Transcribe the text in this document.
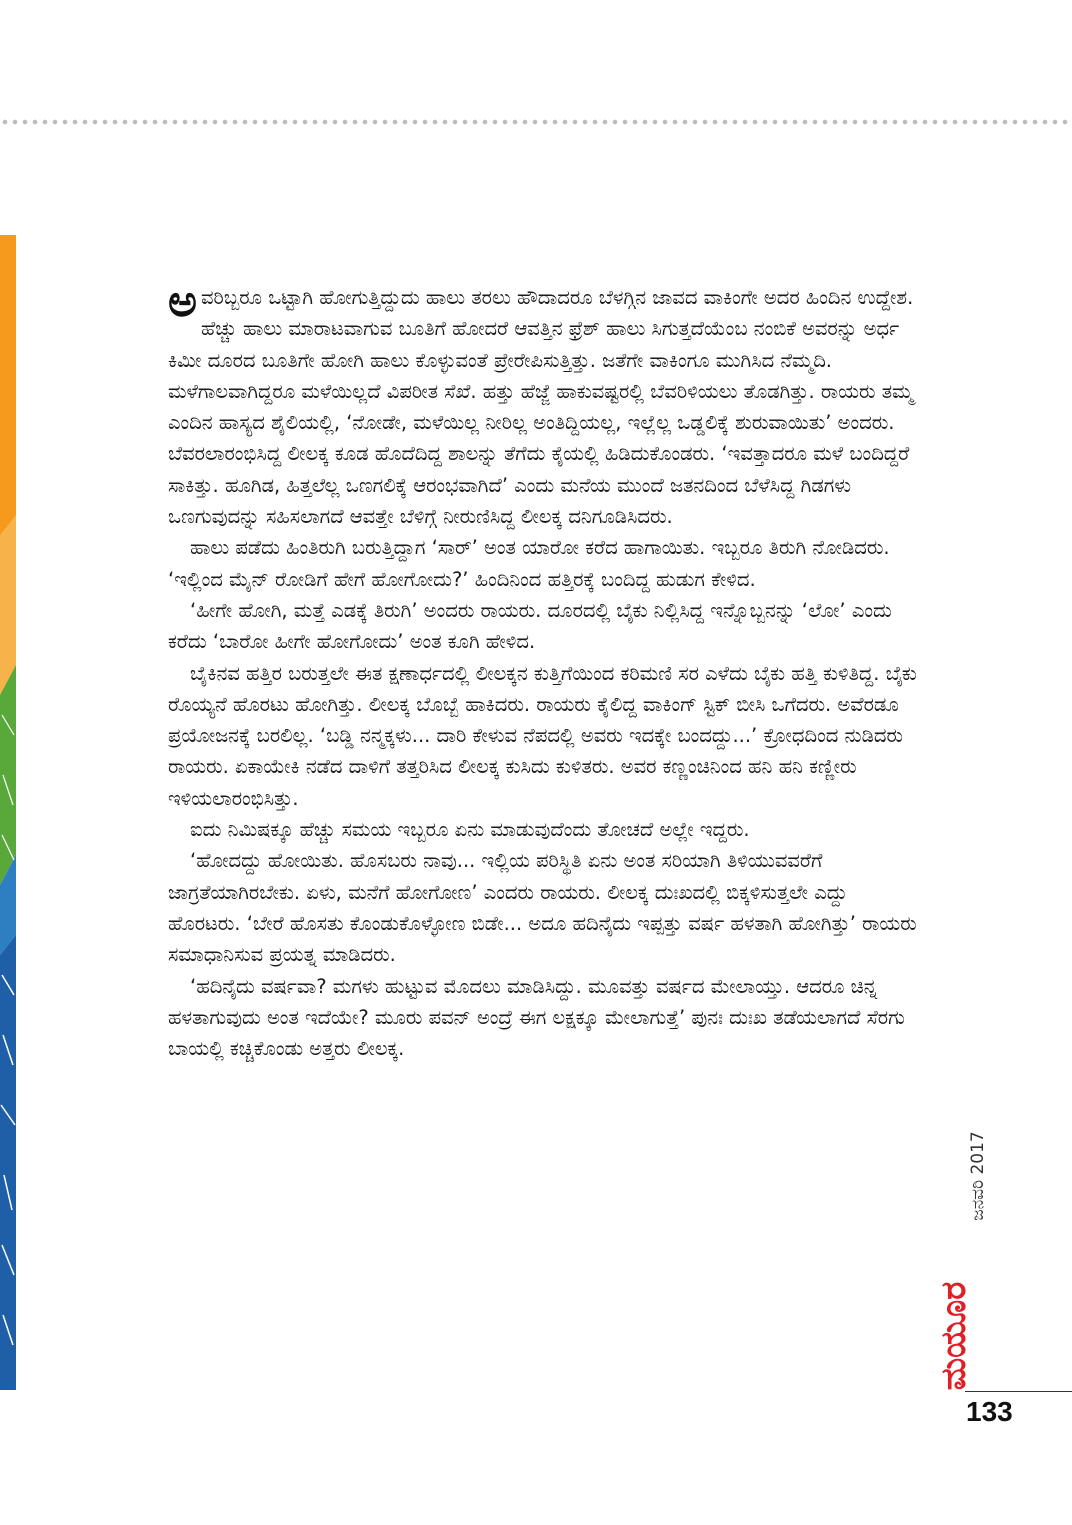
ಅವರಿಬ್ಬರೂ ಒಟ್ಟಾಗಿ ಹೋಗುತ್ತಿದ್ದುದು ಹಾಲು ತರಲು ಹೌದಾದರೂ ಬೆಳಗ್ಗಿನ ಜಾವದ ವಾಕಿಂಗೇ ಅದರ ಹಿಂದಿನ ಉದ್ದೇಶ. ಹೆಚ್ಚು ಹಾಲು ಮಾರಾಟವಾಗುವ ಬೂತಿಗೆ ಹೋದರೆ ಆವತ್ತಿನ ಫ್ರೆಶ್ ಹಾಲು ಸಿಗುತ್ತದೆಯೆಂಬ ನಂಬಿಕೆ ಅವರನ್ನು ಅರ್ಧ ಕಿಮೀ ದೂರದ ಬೂತಿಗೇ ಹೋಗಿ ಹಾಲು ಕೊಳ್ಳುವಂತೆ ಪ್ರೇರೇಪಿಸುತ್ತಿತ್ತು. ಜತೆಗೇ ವಾಕಿಂಗೂ ಮುಗಿಸಿದ ನೆಮ್ಮದಿ. ಮಳೆಗಾಲವಾಗಿದ್ದರೂ ಮಳೆಯಿಲ್ಲದೆ ವಿಪರೀತ ಸೆಖೆ. ಹತ್ತು ಹೆಜ್ಜೆ ಹಾಕುವಷ್ಟರಲ್ಲಿ ಬೆವರಿಳಿಯಲು ತೊಡಗಿತ್ತು. ರಾಯರು ತಮ್ಮ ಎಂದಿನ ಹಾಸ್ಯದ ಶೈಲಿಯಲ್ಲಿ, ‘ನೋಡೇ, ಮಳೆಯಿಲ್ಲ ನೀರಿಲ್ಲ ಅಂತಿದ್ದಿಯಲ್ಲ, ಇಲ್ಲೆಲ್ಲ ಒಡ್ಡಲಿಕ್ಕೆ ಶುರುವಾಯಿತು’ ಅಂದರು. ಬೆವರಲಾರಂಭಿಸಿದ್ದ ಲೀಲಕ್ಕ ಕೂಡ ಹೊದೆದಿದ್ದ ಶಾಲನ್ನು ತೆಗೆದು ಕೈಯಲ್ಲಿ ಹಿಡಿದುಕೊಂಡರು. ‘ಇವತ್ತಾದರೂ ಮಳೆ ಬಂದಿದ್ದರೆ ಸಾಕಿತ್ತು. ಹೂಗಿಡ, ಹಿತ್ತಲೆಲ್ಲ ಒಣಗಲಿಕ್ಕೆ ಆರಂಭವಾಗಿದೆ’ ಎಂದು ಮನೆಯ ಮುಂದೆ ಜತನದಿಂದ ಬೆಳೆಸಿದ್ದ ಗಿಡಗಳು ಒಣಗುವುದನ್ನು ಸಹಿಸಲಾಗದೆ ಆವತ್ತೇ ಬೆಳಿಗ್ಗೆ ನೀರುಣಿಸಿದ್ದ ಲೀಲಕ್ಕ ದನಿಗೂಡಿಸಿದರು.

ಹಾಲು ಪಡೆದು ಹಿಂತಿರುಗಿ ಬರುತ್ತಿದ್ದಾಗ ‘ಸಾರ್’ ಅಂತ ಯಾರೋ ಕರೆದ ಹಾಗಾಯಿತು. ಇಬ್ಬರೂ ತಿರುಗಿ ನೋಡಿದರು. ‘ಇಲ್ಲಿಂದ ಮೈನ್ ರೋಡಿಗೆ ಹೇಗೆ ಹೋಗೋದು?’ ಹಿಂದಿನಿಂದ ಹತ್ತಿರಕ್ಕೆ ಬಂದಿದ್ದ ಹುಡುಗ ಕೇಳಿದ.

‘ಹೀಗೇ ಹೋಗಿ, ಮತ್ತೆ ಎಡಕ್ಕೆ ತಿರುಗಿ’ ಅಂದರು ರಾಯರು. ದೂರದಲ್ಲಿ ಬೈಕು ನಿಲ್ಲಿಸಿದ್ದ ಇನ್ನೊಬ್ಬನನ್ನು ‘ಲೋ’ ಎಂದು ಕರೆದು ‘ಬಾರೋ ಹೀಗೇ ಹೋಗೋದು’ ಅಂತ ಕೂಗಿ ಹೇಳಿದ.

ಬೈಕಿನವ ಹತ್ತಿರ ಬರುತ್ತಲೇ ಈತ ಕ್ಷಣಾರ್ಧದಲ್ಲಿ ಲೀಲಕ್ಕನ ಕುತ್ತಿಗೆಯಿಂದ ಕರಿಮಣಿ ಸರ ಎಳೆದು ಬೈಕು ಹತ್ತಿ ಕುಳಿತಿದ್ದ. ಬೈಕು ರೊಯ್ಯನೆ ಹೊರಟು ಹೋಗಿತ್ತು. ಲೀಲಕ್ಕ ಬೊಬ್ಬೆ ಹಾಕಿದರು. ರಾಯರು ಕೈಲಿದ್ದ ವಾಕಿಂಗ್ ಸ್ಟಿಕ್ ಬೀಸಿ ಒಗೆದರು. ಅವೆರಡೂ ಪ್ರಯೋಜನಕ್ಕೆ ಬರಲಿಲ್ಲ. ‘ಬಡ್ಡಿ ನನ್ಮಕ್ಕಳು... ದಾರಿ ಕೇಳುವ ನೆಪದಲ್ಲಿ ಅವರು ಇದಕ್ಕೇ ಬಂದದ್ದು...’ ಕ್ರೋಧದಿಂದ ನುಡಿದರು ರಾಯರು. ಏಕಾಯೇಕಿ ನಡೆದ ದಾಳಿಗೆ ತತ್ತರಿಸಿದ ಲೀಲಕ್ಕ ಕುಸಿದು ಕುಳಿತರು. ಅವರ ಕಣ್ಣಂಚಿನಿಂದ ಹನಿ ಹನಿ ಕಣ್ಣೀರು ಇಳಿಯಲಾರಂಭಿಸಿತ್ತು.

ಐದು ನಿಮಿಷಕ್ಕೂ ಹೆಚ್ಚು ಸಮಯ ಇಬ್ಬರೂ ಏನು ಮಾಡುವುದೆಂದು ತೋಚದೆ ಅಲ್ಲೇ ಇದ್ದರು.

‘ಹೋದದ್ದು ಹೋಯಿತು. ಹೊಸಬರು ನಾವು... ಇಲ್ಲಿಯ ಪರಿಸ್ಥಿತಿ ಏನು ಅಂತ ಸರಿಯಾಗಿ ತಿಳಿಯುವವರೆಗೆ ಜಾಗ್ರತೆಯಾಗಿರಬೇಕು. ಏಳು, ಮನೆಗೆ ಹೋಗೋಣ’ ಎಂದರು ರಾಯರು. ಲೀಲಕ್ಕ ದುಃಖದಲ್ಲಿ ಬಿಕ್ಕಳಿಸುತ್ತಲೇ ಎದ್ದು ಹೊರಟರು. ‘ಬೇರೆ ಹೊಸತು ಕೊಂಡುಕೊಳ್ಳೋಣ ಬಿಡೇ... ಅದೂ ಹದಿನೈದು ಇಪ್ಪತ್ತು ವರ್ಷ ಹಳತಾಗಿ ಹೋಗಿತ್ತು’ ರಾಯರು ಸಮಾಧಾನಿಸುವ ಪ್ರಯತ್ನ ಮಾಡಿದರು.

‘ಹದಿನೈದು ವರ್ಷವಾ? ಮಗಳು ಹುಟ್ಟುವ ಮೊದಲು ಮಾಡಿಸಿದ್ದು. ಮೂವತ್ತು ವರ್ಷದ ಮೇಲಾಯ್ತು. ಆದರೂ ಚಿನ್ನ ಹಳತಾಗುವುದು ಅಂತ ಇದೆಯೇ? ಮೂರು ಪವನ್ ಅಂದ್ರೆ ಈಗ ಲಕ್ಷಕ್ಕೂ ಮೇಲಾಗುತ್ತೆ’ ಪುನಃ ದುಃಖ ತಡೆಯಲಾಗದೆ ಸೆರಗು ಬಾಯಲ್ಲಿ ಕಚ್ಚಿಕೊಂಡು ಅತ್ತರು ಲೀಲಕ್ಕ.

ಜನವರಿ 2017
ಮಯೂರ
133
